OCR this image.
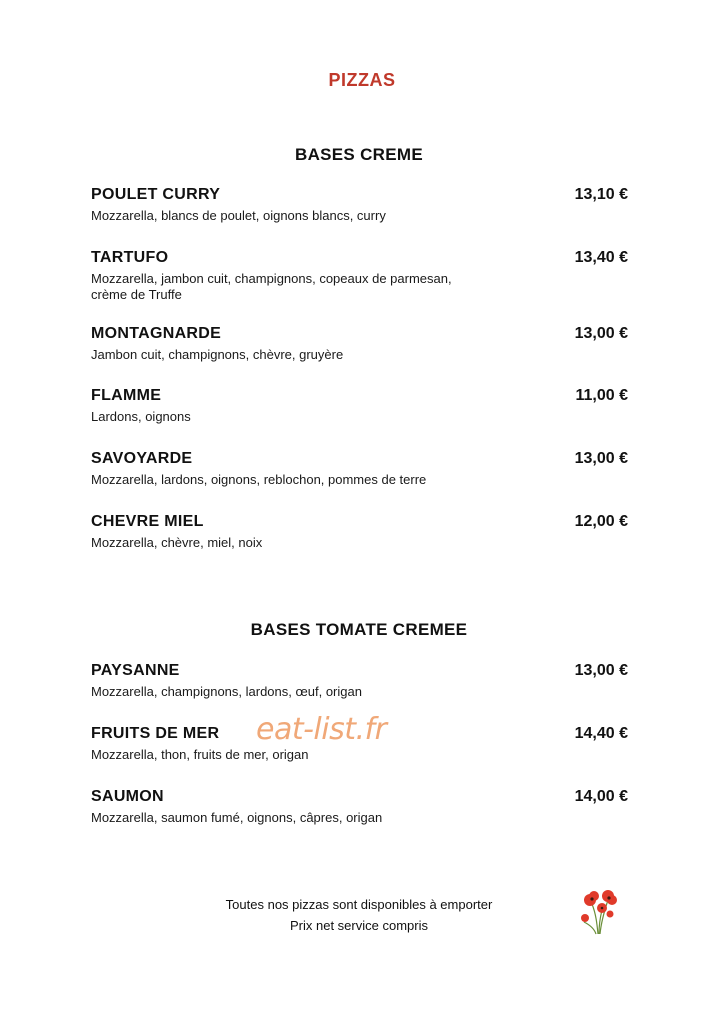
PIZZAS
BASES CREME
POULET CURRY	13,10 €
Mozzarella, blancs de poulet, oignons blancs, curry
TARTUFO	13,40 €
Mozzarella, jambon cuit, champignons, copeaux de parmesan, crème de Truffe
MONTAGNARDE	13,00 €
Jambon cuit, champignons, chèvre, gruyère
FLAMME	11,00 €
Lardons, oignons
SAVOYARDE	13,00 €
Mozzarella, lardons, oignons, reblochon, pommes de terre
CHEVRE MIEL	12,00 €
Mozzarella, chèvre, miel, noix
BASES TOMATE CREMEE
PAYSANNE	13,00 €
Mozzarella, champignons, lardons, œuf, origan
FRUITS DE MER	14,40 €
Mozzarella, thon, fruits de mer, origan
SAUMON	14,00 €
Mozzarella, saumon fumé, oignons, câpres, origan
eat-list.fr
Toutes nos pizzas sont disponibles à emporter
Prix net service compris
